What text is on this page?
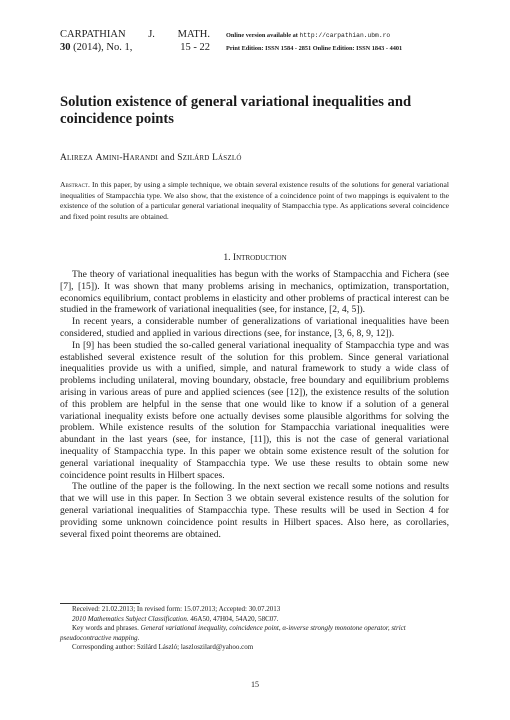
CARPATHIAN J. MATH.
30 (2014), No. 1,	15 - 22
Online version available at http://carpathian.ubm.ro
Print Edition: ISSN 1584 - 2851 Online Edition: ISSN 1843 - 4401
Solution existence of general variational inequalities and coincidence points
Alireza Amini-Harandi and Szilárd László
Abstract. In this paper, by using a simple technique, we obtain several existence results of the solutions for general variational inequalities of Stampacchia type. We also show, that the existence of a coincidence point of two mappings is equivalent to the existence of the solution of a particular general variational inequality of Stampacchia type. As applications several coincidence and fixed point results are obtained.
1. Introduction

The theory of variational inequalities has begun with the works of Stampacchia and Fichera (see [7], [15]). It was shown that many problems arising in mechanics, optimization, transportation, economics equilibrium, contact problems in elasticity and other problems of practical interest can be studied in the framework of variational inequalities (see, for instance, [2, 4, 5]).

In recent years, a considerable number of generalizations of variational inequalities have been considered, studied and applied in various directions (see, for instance, [3, 6, 8, 9, 12]).

In [9] has been studied the so-called general variational inequality of Stampacchia type and was established several existence result of the solution for this problem. Since general variational inequalities provide us with a unified, simple, and natural framework to study a wide class of problems including unilateral, moving boundary, obstacle, free boundary and equilibrium problems arising in various areas of pure and applied sciences (see [12]), the existence results of the solution of this problem are helpful in the sense that one would like to know if a solution of a general variational inequality exists before one actually devises some plausible algorithms for solving the problem. While existence results of the solution for Stampacchia variational inequalities were abundant in the last years (see, for instance, [11]), this is not the case of general variational inequality of Stampacchia type. In this paper we obtain some existence result of the solution for general variational inequality of Stampacchia type. We use these results to obtain some new coincidence point results in Hilbert spaces.

The outline of the paper is the following. In the next section we recall some notions and results that we will use in this paper. In Section 3 we obtain several existence results of the solution for general variational inequalities of Stampacchia type. These results will be used in Section 4 for providing some unknown coincidence point results in Hilbert spaces. Also here, as corollaries, several fixed point theorems are obtained.

Received: 21.02.2013; In revised form: 15.07.2013; Accepted: 30.07.2013

2010 Mathematics Subject Classification. 46A50, 47H04, 54A20, 58C07.

Key words and phrases. General variational inequality, coincidence point, α-inverse strongly monotone operator, strict pseudocontractive mapping.

Corresponding author: Szilárd László; laszloszilard@yahoo.com

15
